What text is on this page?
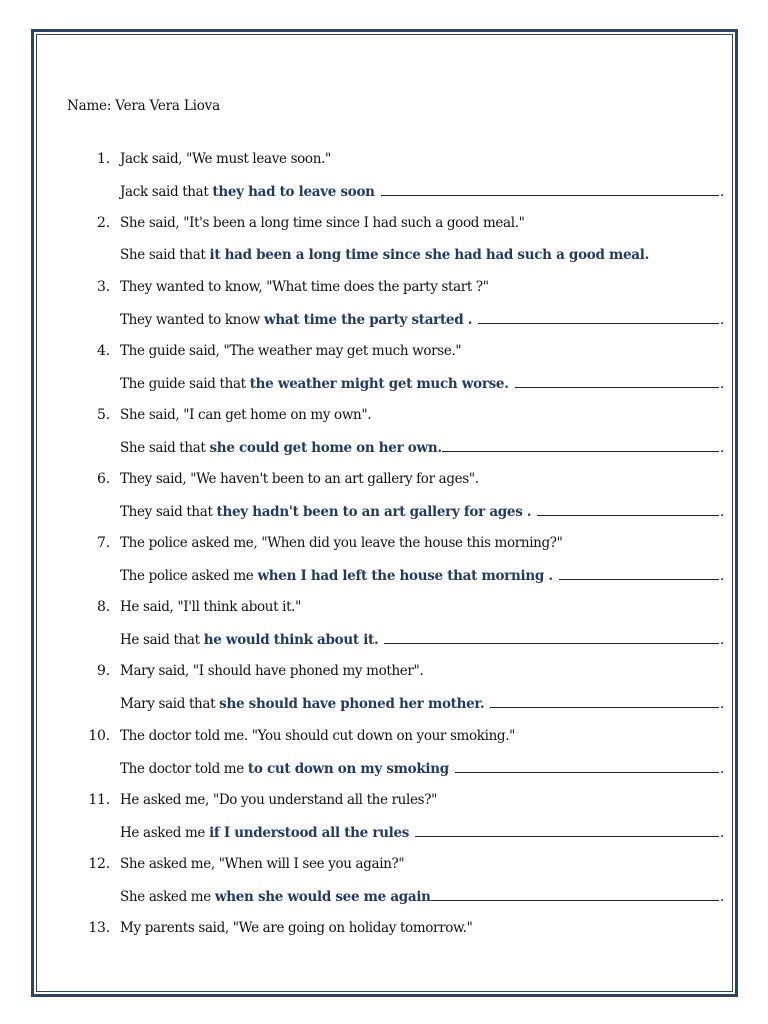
Name: Vera Vera Liova
1. Jack said, "We must leave soon."
Jack said that they had to leave soon	.
2. She said, "It's been a long time since I had such a good meal."
She said that it had been a long time since she had had such a good meal.
3. They wanted to know, "What time does the party start ?"
They wanted to know what time the party started .	.
4. The guide said, "The weather may get much worse."
The guide said that the weather might get much worse.	.
5. She said, "I can get home on my own".
She said that she could get home on her own.	.
6. They said, "We haven't been to an art gallery for ages".
They said that they hadn't been to an art gallery for ages .	.
7. The police asked me, "When did you leave the house this morning?"
The police asked me when I had left the house that morning .	.
8. He said, "I'll think about it."
He said that he would think about it.	.
9. Mary said, "I should have phoned my mother".
Mary said that she should have phoned her mother.	.
10. The doctor told me. "You should cut down on your smoking."
The doctor told me to cut down on my smoking	.
11. He asked me, "Do you understand all the rules?"
He asked me if I understood all the rules	.
12. She asked me, "When will I see you again?"
She asked me when she would see me again	.
13. My parents said, "We are going on holiday tomorrow."
